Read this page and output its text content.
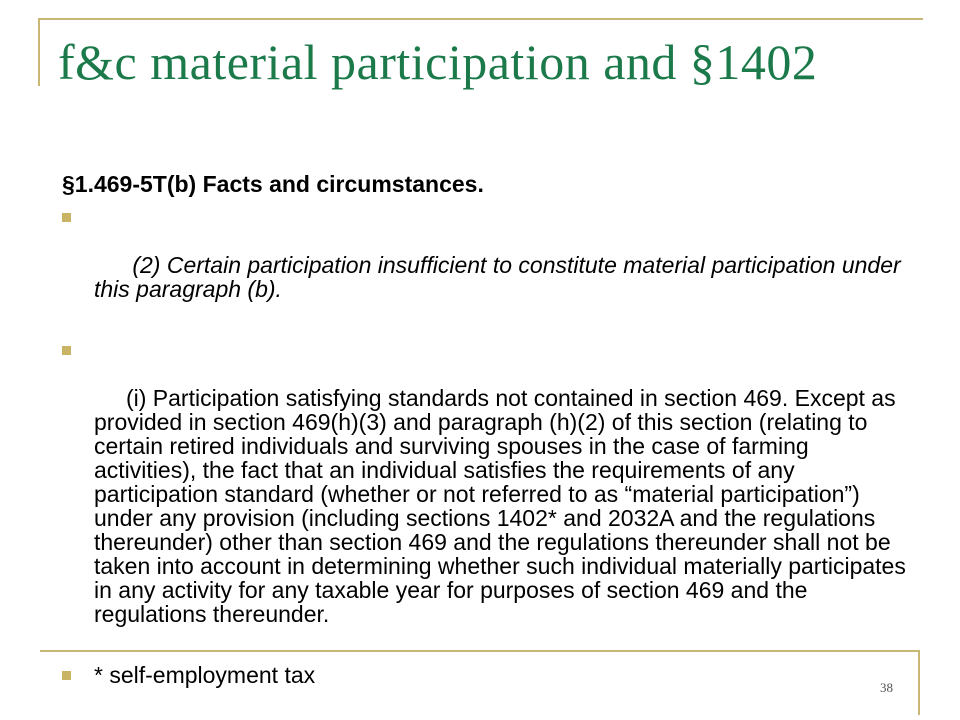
f&c material participation and §1402
§1.469-5T(b) Facts and circumstances.

(2) Certain participation insufficient to constitute material participation under this paragraph (b).

(i) Participation satisfying standards not contained in section 469. Except as provided in section 469(h)(3) and paragraph (h)(2) of this section (relating to certain retired individuals and surviving spouses in the case of farming activities), the fact that an individual satisfies the requirements of any participation standard (whether or not referred to as “material participation”) under any provision (including sections 1402* and 2032A and the regulations thereunder) other than section 469 and the regulations thereunder shall not be taken into account in determining whether such individual materially participates in any activity for any taxable year for purposes of section 469 and the regulations thereunder.

* self-employment tax	38
